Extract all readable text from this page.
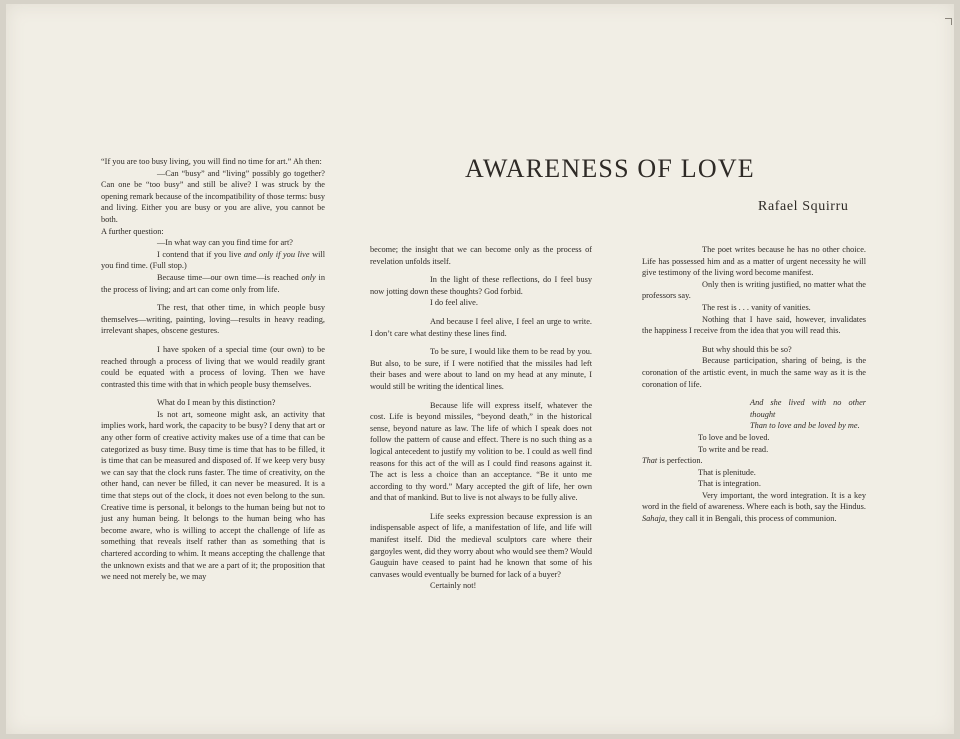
AWARENESS OF LOVE
Rafael Squirru

“If you are too busy living, you will find no time for art.” Ah then:

—Can “busy” and “living” possibly go together? Can one be “too busy” and still be alive? I was struck by the opening remark because of the incompatibility of those terms: busy and living. Either you are busy or you are alive, you cannot be both.

A further question:

—In what way can you find time for art?

I contend that if you live and only if you live will you find time. (Full stop.)

Because time—our own time—is reached only in the process of living; and art can come only from life.

The rest, that other time, in which people busy themselves—writing, painting, loving—results in heavy reading, irrelevant shapes, obscene gestures.

I have spoken of a special time (our own) to be reached through a process of living that we would readily grant could be equated with a process of loving. Then we have contrasted this time with that in which people busy themselves.

What do I mean by this distinction?

Is not art, someone might ask, an activity that implies work, hard work, the capacity to be busy? I deny that art or any other form of creative activity makes use of a time that can be categorized as busy time. Busy time is time that has to be filled, it is time that can be measured and disposed of. If we keep very busy we can say that the clock runs faster. The time of creativity, on the other hand, can never be filled, it can never be measured. It is a time that steps out of the clock, it does not even belong to the sun. Creative time is personal, it belongs to the human being but not to just any human being. It belongs to the human being who has become aware, who is willing to accept the challenge of life as something that reveals itself rather than as something that is chartered according to whim. It means accepting the challenge that the unknown exists and that we are a part of it; the proposition that we need not merely be, we may

become; the insight that we can become only as the process of revelation unfolds itself.

In the light of these reflections, do I feel busy now jotting down these thoughts? God forbid.

I do feel alive.

And because I feel alive, I feel an urge to write. I don’t care what destiny these lines find.

To be sure, I would like them to be read by you. But also, to be sure, if I were notified that the missiles had left their bases and were about to land on my head at any minute, I would still be writing the identical lines.

Because life will express itself, whatever the cost. Life is beyond missiles, “beyond death,” in the historical sense, beyond nature as law. The life of which I speak does not follow the pattern of cause and effect. There is no such thing as a logical antecedent to justify my volition to be. I could as well find reasons for this act of the will as I could find reasons against it. The act is less a choice than an acceptance. “Be it unto me according to thy word.” Mary accepted the gift of life, her own and that of mankind. But to live is not always to be fully alive.

Life seeks expression because expression is an indispensable aspect of life, a manifestation of life, and life will manifest itself. Did the medieval sculptors care where their gargoyles went, did they worry about who would see them? Would Gauguin have ceased to paint had he known that some of his canvases would eventually be burned for lack of a buyer?

Certainly not!

The poet writes because he has no other choice. Life has possessed him and as a matter of urgent necessity he will give testimony of the living word become manifest.

Only then is writing justified, no matter what the professors say.

The rest is . . . vanity of vanities.

Nothing that I have said, however, invalidates the happiness I receive from the idea that you will read this.

But why should this be so?

Because participation, sharing of being, is the coronation of the artistic event, in much the same way as it is the coronation of life.

And she lived with no other thought

Than to love and be loved by me.

To love and be loved.

To write and be read.

That is perfection.

That is plenitude.

That is integration.

Very important, the word integration. It is a key word in the field of awareness. Where each is both, say the Hindus. Sahaja, they call it in Bengali, this process of communion.
